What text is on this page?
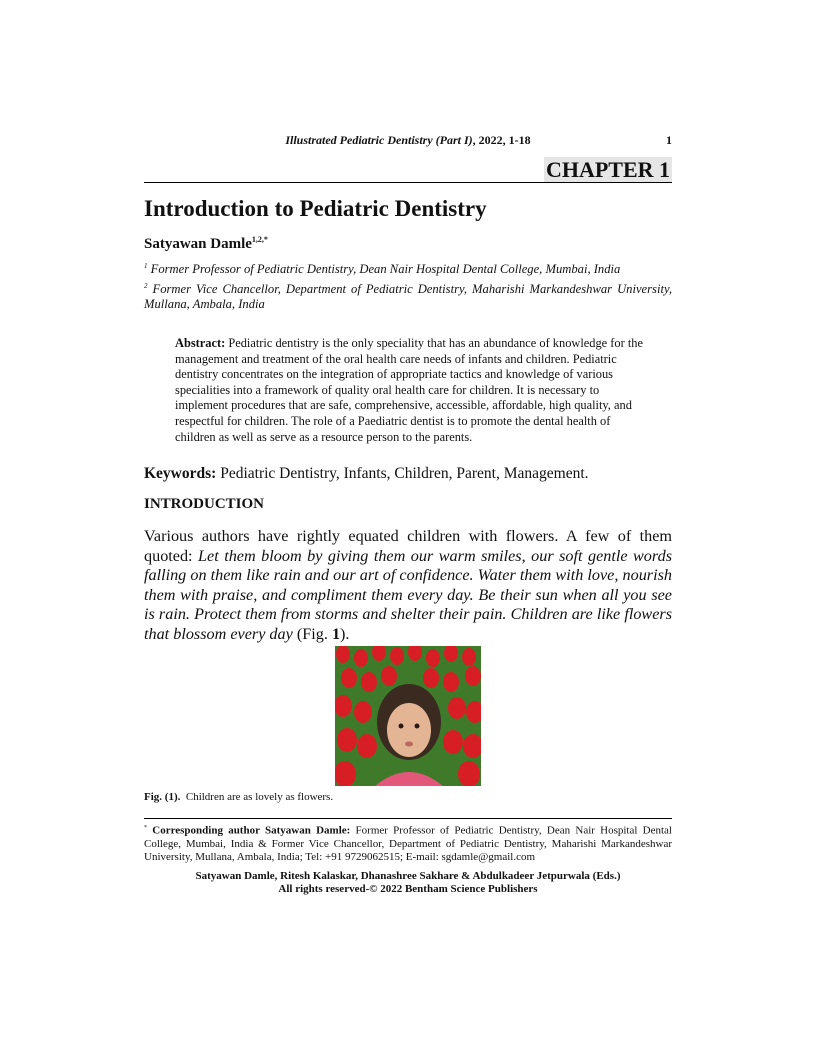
Illustrated Pediatric Dentistry (Part I), 2022, 1-18	1
CHAPTER 1
Introduction to Pediatric Dentistry
Satyawan Damle$^{1,2,*}$
$^1$ Former Professor of Pediatric Dentistry, Dean Nair Hospital Dental College, Mumbai, India
$^2$ Former Vice Chancellor, Department of Pediatric Dentistry, Maharishi Markandeshwar University, Mullana, Ambala, India
Abstract: Pediatric dentistry is the only speciality that has an abundance of knowledge for the management and treatment of the oral health care needs of infants and children. Pediatric dentistry concentrates on the integration of appropriate tactics and knowledge of various specialities into a framework of quality oral health care for children. It is necessary to implement procedures that are safe, comprehensive, accessible, affordable, high quality, and respectful for children. The role of a Paediatric dentist is to promote the dental health of children as well as serve as a resource person to the parents.
Keywords: Pediatric Dentistry, Infants, Children, Parent, Management.
INTRODUCTION
Various authors have rightly equated children with flowers. A few of them quoted: Let them bloom by giving them our warm smiles, our soft gentle words falling on them like rain and our art of confidence. Water them with love, nourish them with praise, and compliment them every day. Be their sun when all you see is rain. Protect them from storms and shelter their pain. Children are like flowers that blossom every day (Fig. 1).
Fig. (1).  Children are as lovely as flowers.
* Corresponding author Satyawan Damle: Former Professor of Pediatric Dentistry, Dean Nair Hospital Dental College, Mumbai, India & Former Vice Chancellor, Department of Pediatric Dentistry, Maharishi Markandeshwar University, Mullana, Ambala, India; Tel: +91 9729062515; E-mail: sgdamle@gmail.com
Satyawan Damle, Ritesh Kalaskar, Dhanashree Sakhare & Abdulkadeer Jetpurwala (Eds.)
All rights reserved-© 2022 Bentham Science Publishers
